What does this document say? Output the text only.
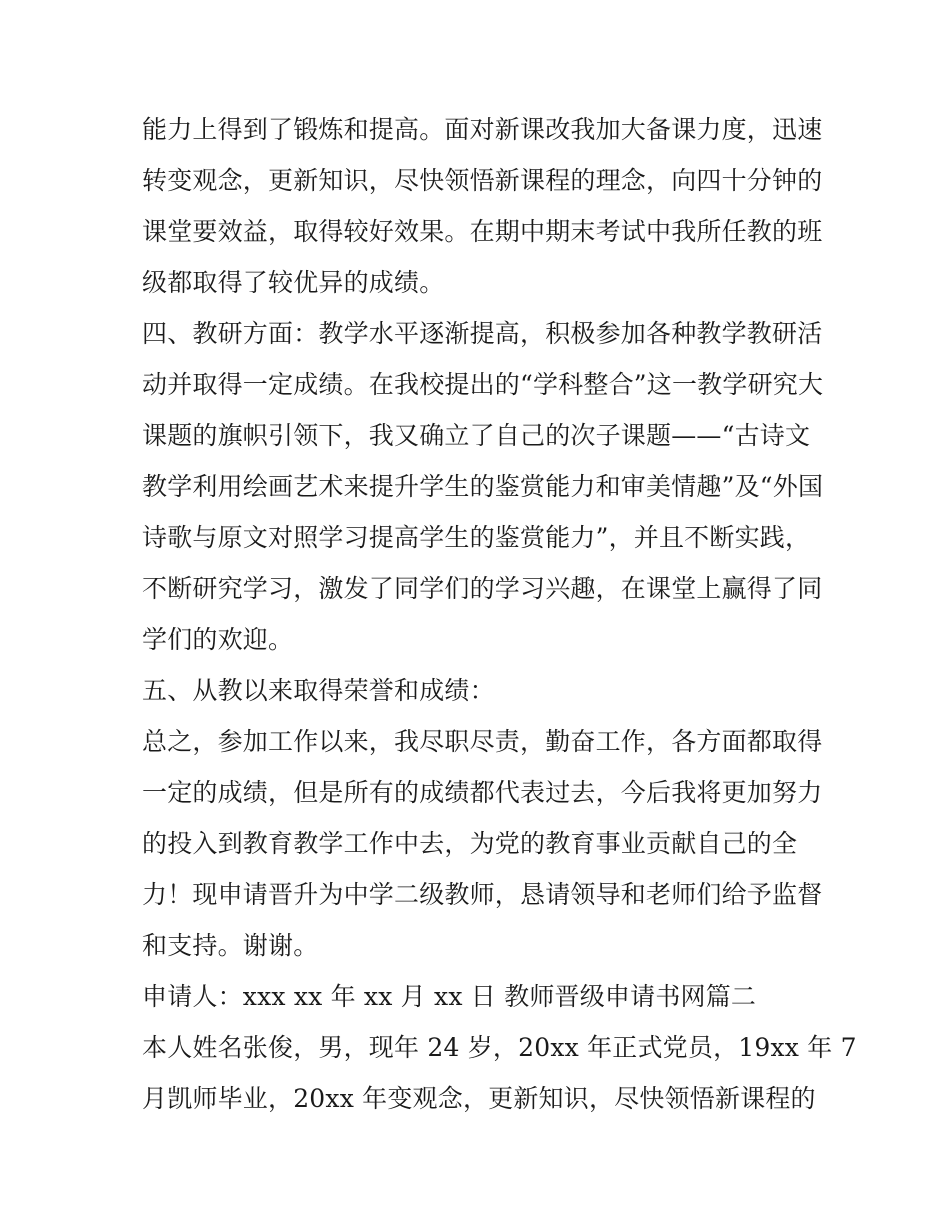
能力上得到了锻炼和提高。面对新课改我加大备课力度，迅速
转变观念，更新知识，尽快领悟新课程的理念，向四十分钟的
课堂要效益，取得较好效果。在期中期末考试中我所任教的班
级都取得了较优异的成绩。
四、教研方面：教学水平逐渐提高，积极参加各种教学教研活
动并取得一定成绩。在我校提出的“学科整合”这一教学研究大
课题的旗帜引领下，我又确立了自己的次子课题——“古诗文
教学利用绘画艺术来提升学生的鉴赏能力和审美情趣”及“外国
诗歌与原文对照学习提高学生的鉴赏能力”，并且不断实践，
不断研究学习，激发了同学们的学习兴趣，在课堂上赢得了同
学们的欢迎。
五、从教以来取得荣誉和成绩：
总之，参加工作以来，我尽职尽责，勤奋工作，各方面都取得
一定的成绩，但是所有的成绩都代表过去，今后我将更加努力
的投入到教育教学工作中去，为党的教育事业贡献自己的全
力！现申请晋升为中学二级教师，恳请领导和老师们给予监督
和支持。谢谢。
申请人：xxx xx 年 xx 月 xx 日 教师晋级申请书网篇二
本人姓名张俊，男，现年 24 岁，20xx 年正式党员，19xx 年 7
月凯师毕业，20xx 年变观念，更新知识，尽快领悟新课程的
